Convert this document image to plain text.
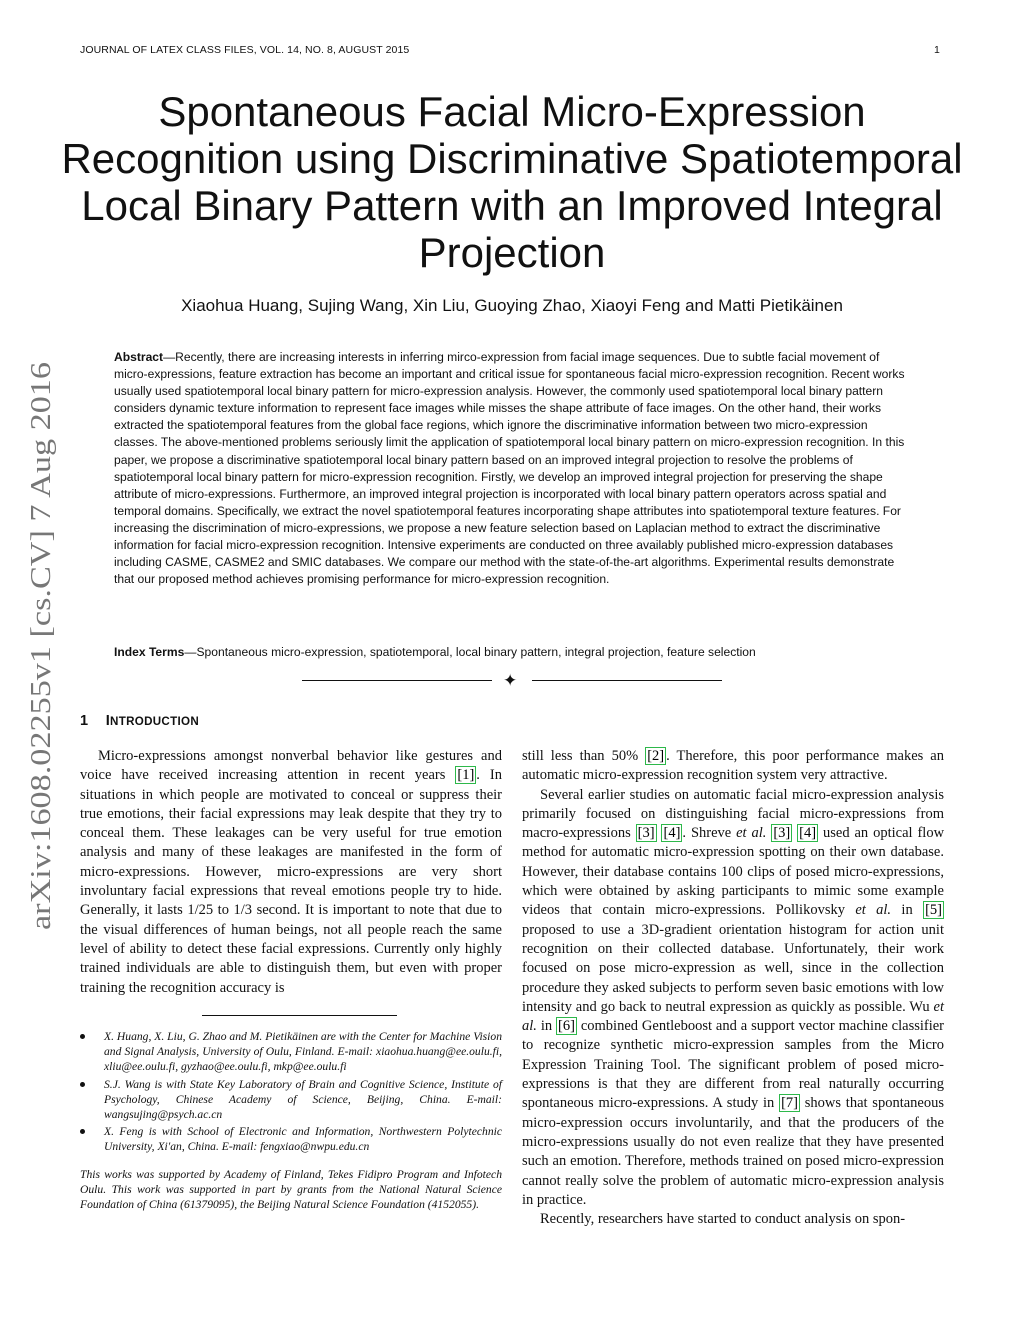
JOURNAL OF LATEX CLASS FILES, VOL. 14, NO. 8, AUGUST 2015	1
arXiv:1608.02255v1 [cs.CV] 7 Aug 2016
Spontaneous Facial Micro-Expression Recognition using Discriminative Spatiotemporal Local Binary Pattern with an Improved Integral Projection
Xiaohua Huang, Sujing Wang, Xin Liu, Guoying Zhao, Xiaoyi Feng and Matti Pietikäinen
Abstract—Recently, there are increasing interests in inferring mirco-expression from facial image sequences. Due to subtle facial movement of micro-expressions, feature extraction has become an important and critical issue for spontaneous facial micro-expression recognition. Recent works usually used spatiotemporal local binary pattern for micro-expression analysis. However, the commonly used spatiotemporal local binary pattern considers dynamic texture information to represent face images while misses the shape attribute of face images. On the other hand, their works extracted the spatiotemporal features from the global face regions, which ignore the discriminative information between two micro-expression classes. The above-mentioned problems seriously limit the application of spatiotemporal local binary pattern on micro-expression recognition. In this paper, we propose a discriminative spatiotemporal local binary pattern based on an improved integral projection to resolve the problems of spatiotemporal local binary pattern for micro-expression recognition. Firstly, we develop an improved integral projection for preserving the shape attribute of micro-expressions. Furthermore, an improved integral projection is incorporated with local binary pattern operators across spatial and temporal domains. Specifically, we extract the novel spatiotemporal features incorporating shape attributes into spatiotemporal texture features. For increasing the discrimination of micro-expressions, we propose a new feature selection based on Laplacian method to extract the discriminative information for facial micro-expression recognition. Intensive experiments are conducted on three availably published micro-expression databases including CASME, CASME2 and SMIC databases. We compare our method with the state-of-the-art algorithms. Experimental results demonstrate that our proposed method achieves promising performance for micro-expression recognition.
Index Terms—Spontaneous micro-expression, spatiotemporal, local binary pattern, integral projection, feature selection
✦
1 INTRODUCTION

Micro-expressions amongst nonverbal behavior like gestures and voice have received increasing attention in recent years [1] . In situations in which people are motivated to conceal or suppress their true emotions, their facial expressions may leak despite that they try to conceal them. These leakages can be very useful for true emotion analysis and many of these leakages are manifested in the form of micro-expressions. However, micro-expressions are very short involuntary facial expressions that reveal emotions people try to hide. Generally, it lasts 1/25 to 1/3 second. It is important to note that due to the visual differences of human beings, not all people reach the same level of ability to detect these facial expressions. Currently only highly trained individuals are able to distinguish them, but even with proper training the recognition accuracy is

X. Huang, X. Liu, G. Zhao and M. Pietikäinen are with the Center for Machine Vision and Signal Analysis, University of Oulu, Finland. E-mail: xiaohua.huang@ee.oulu.fi, xliu@ee.oulu.fi, gyzhao@ee.oulu.fi, mkp@ee.oulu.fi
S.J. Wang is with State Key Laboratory of Brain and Cognitive Science, Institute of Psychology, Chinese Academy of Science, Beijing, China. E-mail: wangsujing@psych.ac.cn
X. Feng is with School of Electronic and Information, Northwestern Polytechnic University, Xi'an, China. E-mail: fengxiao@nwpu.edu.cn
This works was supported by Academy of Finland, Tekes Fidipro Program and Infotech Oulu. This work was supported in part by grants from the National Natural Science Foundation of China (61379095), the Beijing Natural Science Foundation (4152055).

still less than 50% [2] . Therefore, this poor performance makes an automatic micro-expression recognition system very attractive.

Several earlier studies on automatic facial micro-expression analysis primarily focused on distinguishing facial micro-expressions from macro-expressions [3] [4] . Shreve et al. [3] [4] used an optical flow method for automatic micro-expression spotting on their own database. However, their database contains 100 clips of posed micro-expressions, which were obtained by asking participants to mimic some example videos that contain micro-expressions. Pollikovsky et al. in [5] proposed to use a 3D-gradient orientation histogram for action unit recognition on their collected database. Unfortunately, their work focused on pose micro-expression as well, since in the collection procedure they asked subjects to perform seven basic emotions with low intensity and go back to neutral expression as quickly as possible. Wu et al. in [6] combined Gentleboost and a support vector machine classifier to recognize synthetic micro-expression samples from the Micro Expression Training Tool. The significant problem of posed micro-expressions is that they are different from real naturally occurring spontaneous micro-expressions. A study in [7] shows that spontaneous micro-expression occurs involuntarily, and that the producers of the micro-expressions usually do not even realize that they have presented such an emotion. Therefore, methods trained on posed micro-expression cannot really solve the problem of automatic micro-expression analysis in practice.

Recently, researchers have started to conduct analysis on spon-
